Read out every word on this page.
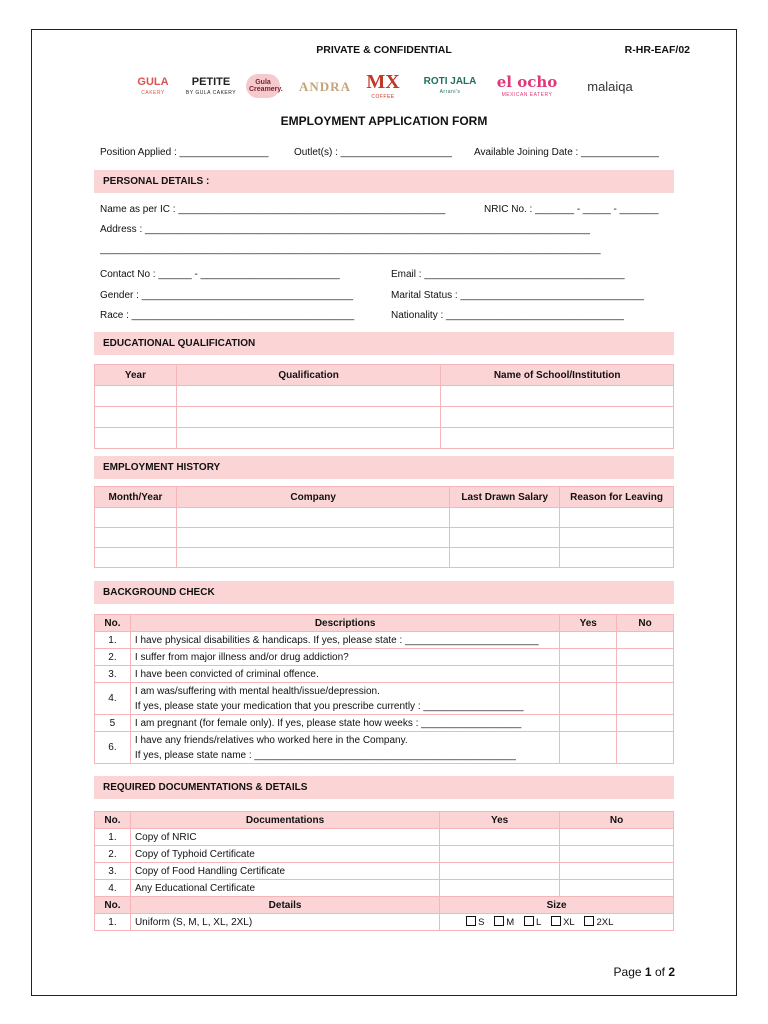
PRIVATE & CONFIDENTIAL	R-HR-EAF/02
GULA
CAKERY
PETITE
BY GULA CAKERY
Gula Creamery. ANDRA MX
COFFEE
ROTI JALA
Arrani's
el ocho
MEXICAN EATERY
malaiqa
EMPLOYMENT APPLICATION FORM
Position Applied : ________________	Outlet(s) : ____________________ Available Joining Date : ______________
PERSONAL DETAILS :
Name as per IC : ________________________________________________	NRIC No. : _______ - _____ - _______
Address : ________________________________________________________________________________
__________________________________________________________________________________________
Contact No : ______ - _________________________	Email : ____________________________________
Gender : ______________________________________	Marital Status : _________________________________
Race : ________________________________________	Nationality : ________________________________
EDUCATIONAL QUALIFICATION
Year	Qualification	Name of School/Institution

EMPLOYMENT HISTORY
Month/Year	Company	Last Drawn Salary	Reason for Leaving

BACKGROUND CHECK
No.	Descriptions	Yes	No
1.	I have physical disabilities & handicaps. If yes, please state : ________________________		
2.	I suffer from major illness and/or drug addiction?		
3.	I have been convicted of criminal offence.		
4.	I am was/suffering with mental health/issue/depression.
If yes, please state your medication that you prescribe currently : __________________		

5	I am pregnant (for female only). If yes, please state how weeks : __________________		
6.	I have any friends/relatives who worked here in the Company.
If yes, please state name : _______________________________________________		

REQUIRED DOCUMENTATIONS & DETAILS
No.	Documentations	Yes	No
1.	Copy of NRIC		
2.	Copy of Typhoid Certificate		
3.	Copy of Food Handling Certificate		
4.	Any Educational Certificate		
No.	Details	Size	
1.	Uniform (S, M, L, XL, 2XL)	S M L XL 2XL	
Page 1 of 2
